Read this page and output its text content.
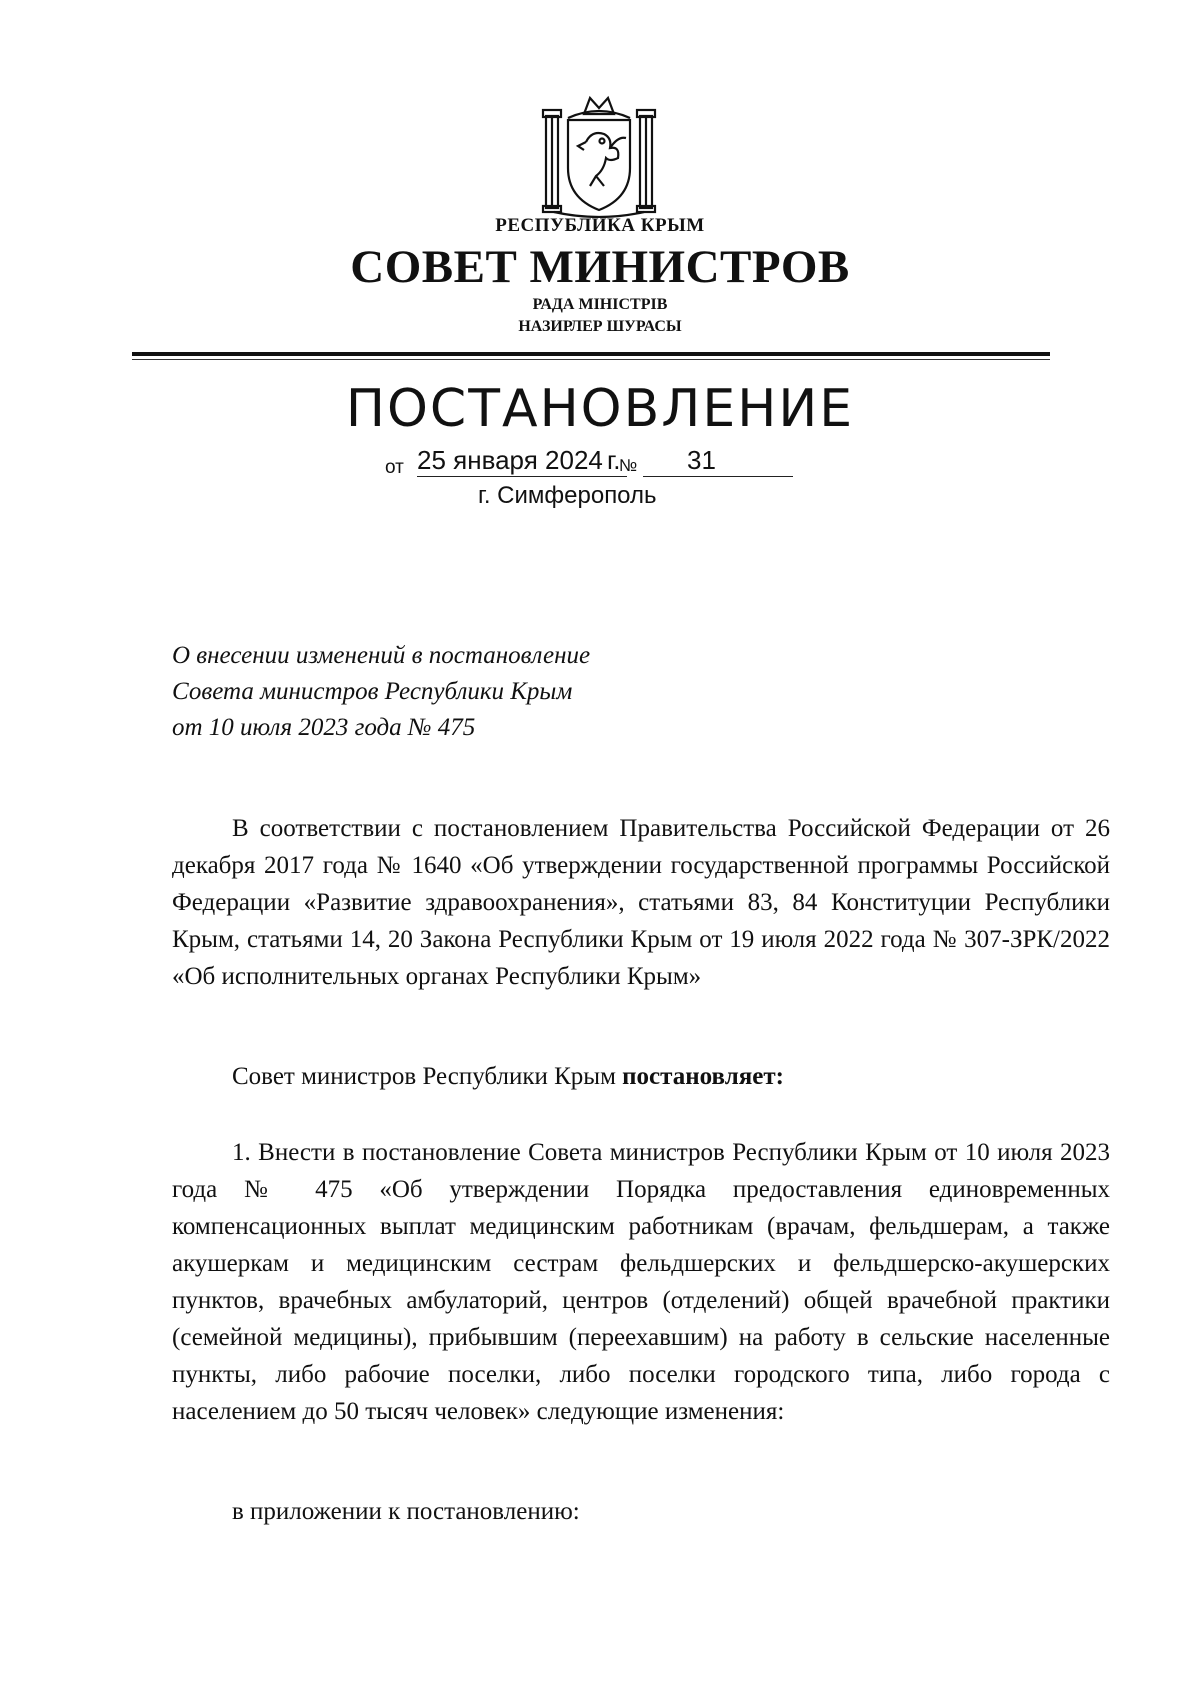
РЕСПУБЛИКА КРЫМ
СОВЕТ МИНИСТРОВ
РАДА МІНІСТРІВ
НАЗИРЛЕР ШУРАСЫ
ПОСТАНОВЛЕНИЕ
от 25 января 2024 г.
№ 31
г. Симферополь
О внесении изменений в постановление
Совета министров Республики Крым
от 10 июля 2023 года № 475
В соответствии с постановлением Правительства Российской Федерации от 26 декабря 2017 года № 1640 «Об утверждении государственной программы Российской Федерации «Развитие здравоохранения», статьями 83, 84 Конституции Республики Крым, статьями 14, 20 Закона Республики Крым от 19 июля 2022 года № 307-ЗРК/2022 «Об исполнительных органах Республики Крым»
Совет министров Республики Крым постановляет:
1. Внести в постановление Совета министров Республики Крым от 10 июля 2023 года № 475 «Об утверждении Порядка предоставления единовременных компенсационных выплат медицинским работникам (врачам, фельдшерам, а также акушеркам и медицинским сестрам фельдшерских и фельдшерско-акушерских пунктов, врачебных амбулаторий, центров (отделений) общей врачебной практики (семейной медицины), прибывшим (переехавшим) на работу в сельские населенные пункты, либо рабочие поселки, либо поселки городского типа, либо города с населением до 50 тысяч человек» следующие изменения:
в приложении к постановлению:
